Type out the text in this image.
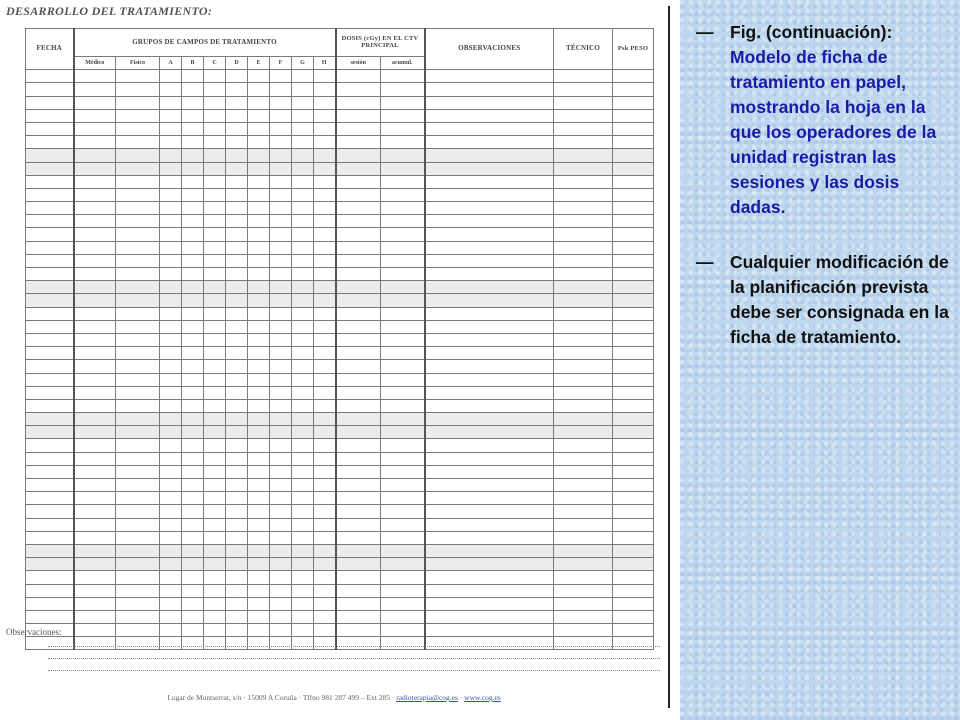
DESARROLLO DEL TRATAMIENTO:
FECHA	GRUPOS DE CAMPOS DE TRATAMIENTO										DOSIS (cGy) EN EL CTV PRINCIPAL		OBSERVACIONES	TÉCNICO	Psk PESO
	Médico	Físico	A	B	C	D	E	F	G	H	sesión	acumul.			

Observaciones:
Lugar de Montserrat, s/n · 15009 A Coruña · Tlfno 981 287 499 – Ext 285 · radioterapia@cog.es · www.cog.es
— Fig. (continuación): Modelo de ficha de tratamiento en papel, mostrando la hoja en la que los operadores de la unidad registran las sesiones y las dosis dadas.
— Cualquier modificación de la planificación prevista debe ser consignada en la ficha de tratamiento.
